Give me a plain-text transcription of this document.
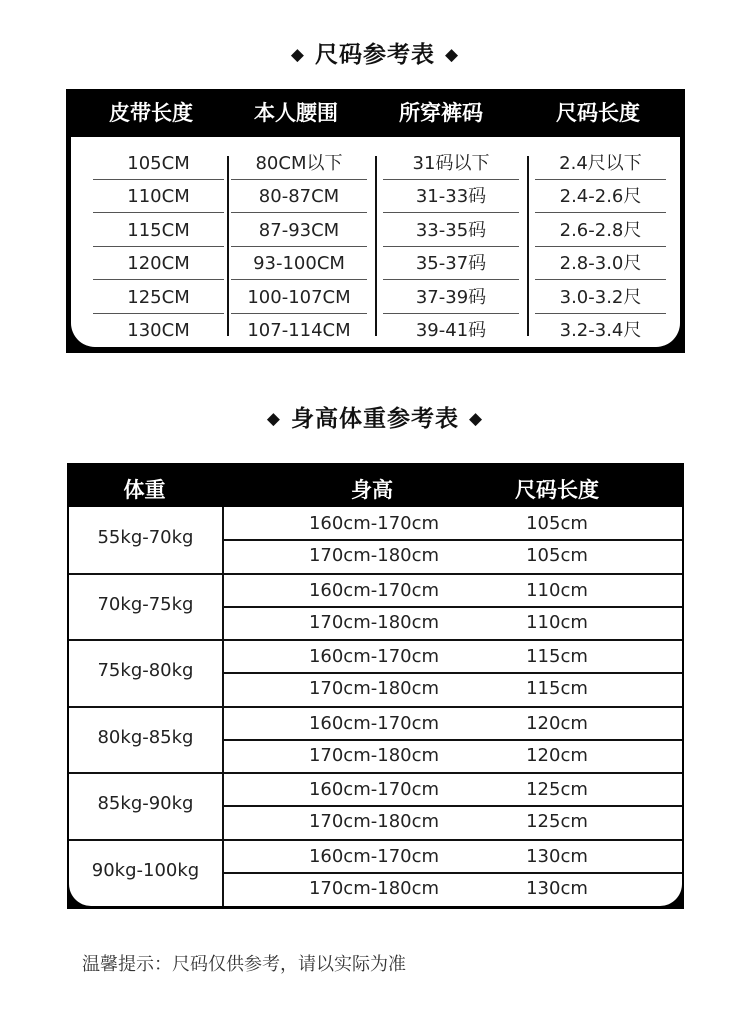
◆ 尺码参考表 ◆
皮带长度	本人腰围	所穿裤码	尺码长度
105CM	80CM以下	31码以下	2.4尺以下
110CM	80-87CM	31-33码	2.4-2.6尺
115CM	87-93CM	33-35码	2.6-2.8尺
120CM	93-100CM	35-37码	2.8-3.0尺
125CM	100-107CM	37-39码	3.0-3.2尺
130CM	107-114CM	39-41码	3.2-3.4尺
◆ 身高体重参考表 ◆
体重	身高	尺码长度
55kg-70kg
160cm-170cm	105cm
170cm-180cm	105cm
70kg-75kg
160cm-170cm	110cm
170cm-180cm	110cm
75kg-80kg
160cm-170cm	115cm
170cm-180cm	115cm
80kg-85kg
160cm-170cm	120cm
170cm-180cm	120cm
85kg-90kg
160cm-170cm	125cm
170cm-180cm	125cm
90kg-100kg
160cm-170cm	130cm
170cm-180cm	130cm
温馨提示：尺码仅供参考，请以实际为准
